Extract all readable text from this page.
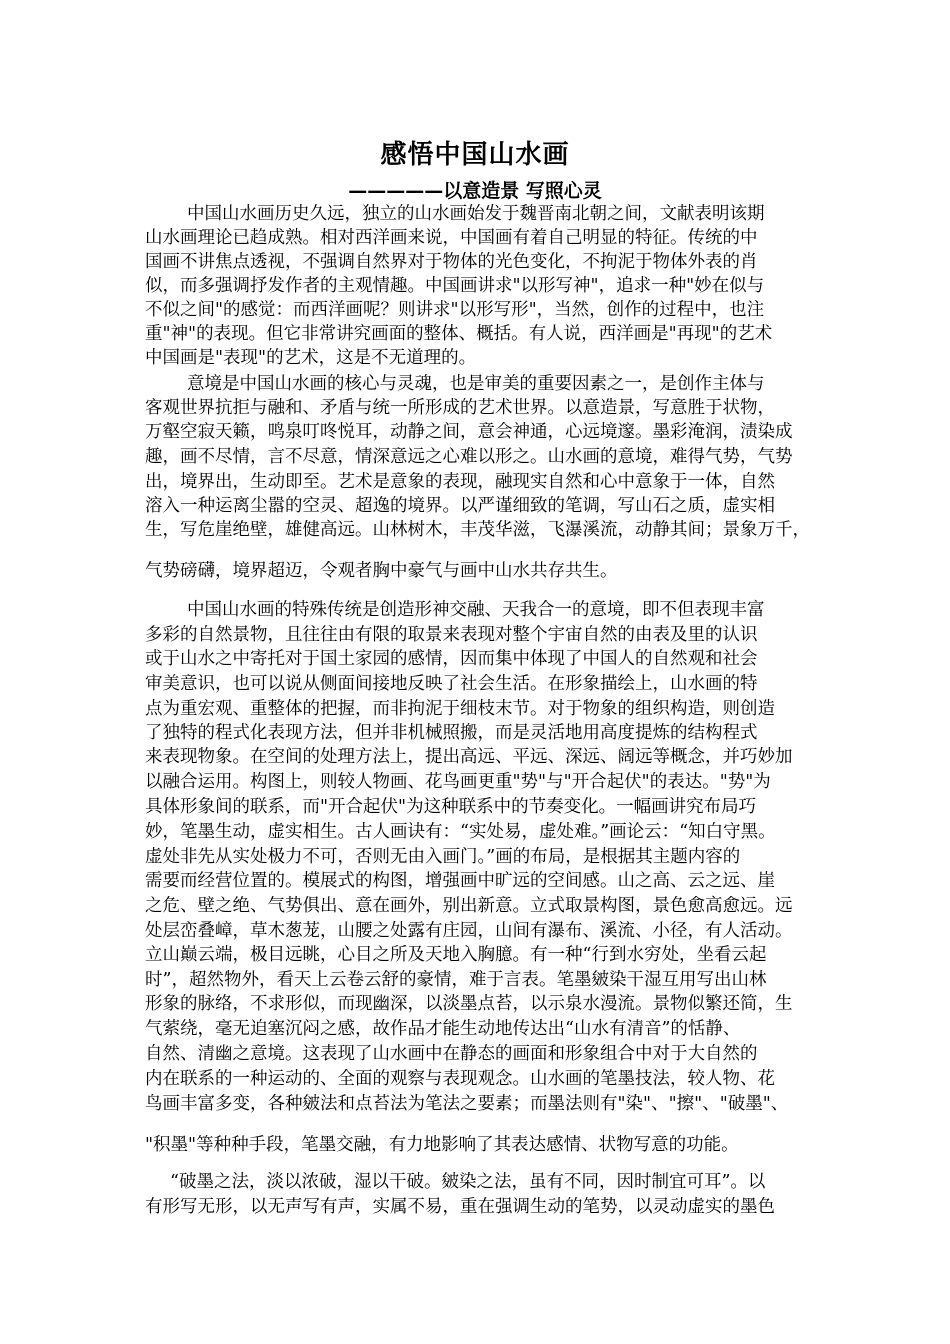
感悟中国山水画
—————以意造景 写照心灵

中国山水画历史久远，独立的山水画始发于魏晋南北朝之间，文献表明该期

山水画理论已趋成熟。相对西洋画来说，中国画有着自己明显的特征。传统的中

国画不讲焦点透视，不强调自然界对于物体的光色变化，不拘泥于物体外表的肖

似，而多强调抒发作者的主观情趣。中国画讲求"以形写神"，追求一种"妙在似与

不似之间"的感觉：而西洋画呢？则讲求"以形写形"，当然，创作的过程中，也注

重"神"的表现。但它非常讲究画面的整体、概括。有人说，西洋画是"再现"的艺术

中国画是"表现"的艺术，这是不无道理的。

意境是中国山水画的核心与灵魂，也是审美的重要因素之一，是创作主体与

客观世界抗拒与融和、矛盾与统一所形成的艺术世界。以意造景，写意胜于状物，

万壑空寂天籁，鸣泉叮咚悦耳，动静之间，意会神通，心远境邃。墨彩淹润，渍染成

趣，画不尽情，言不尽意，情深意远之心难以形之。山水画的意境，难得气势，气势

出，境界出，生动即至。艺术是意象的表现，融现实自然和心中意象于一体，自然

溶入一种运离尘嚣的空灵、超逸的境界。以严谨细致的笔调，写山石之质，虚实相

生，写危崖绝壁，雄健高远。山林树木，丰茂华滋，飞瀑溪流，动静其间；景象万千，

气势磅礴，境界超迈，令观者胸中豪气与画中山水共存共生。

中国山水画的特殊传统是创造形神交融、天我合一的意境，即不但表现丰富

多彩的自然景物，且往往由有限的取景来表现对整个宇宙自然的由表及里的认识

或于山水之中寄托对于国土家园的感情，因而集中体现了中国人的自然观和社会

审美意识，也可以说从侧面间接地反映了社会生活。在形象描绘上，山水画的特

点为重宏观、重整体的把握，而非拘泥于细枝末节。对于物象的组织构造，则创造

了独特的程式化表现方法，但并非机械照搬，而是灵活地用高度提炼的结构程式

来表现物象。在空间的处理方法上，提出高远、平远、深远、阔远等概念，并巧妙加

以融合运用。构图上，则较人物画、花鸟画更重"势"与"开合起伏"的表达。"势"为

具体形象间的联系，而"开合起伏"为这种联系中的节奏变化。一幅画讲究布局巧

妙，笔墨生动，虚实相生。古人画诀有：“实处易，虚处难。”画论云：“知白守黑。

虚处非先从实处极力不可，否则无由入画门。”画的布局，是根据其主题内容的

需要而经营位置的。模展式的构图，增强画中旷远的空间感。山之高、云之远、崖

之危、壁之绝、气势俱出、意在画外，别出新意。立式取景构图，景色愈高愈远。远

处层峦叠嶂，草木葱茏，山腰之处露有庄园，山间有瀑布、溪流、小径，有人活动。

立山巅云端，极目远眺，心目之所及天地入胸臆。有一种“行到水穷处，坐看云起

时”，超然物外，看天上云卷云舒的豪情，难于言表。笔墨皴染干湿互用写出山林

形象的脉络，不求形似，而现幽深，以淡墨点苔，以示泉水漫流。景物似繁还简，生

气萦绕，毫无迫塞沉闷之感，故作品才能生动地传达出“山水有清音”的恬静、

自然、清幽之意境。这表现了山水画中在静态的画面和形象组合中对于大自然的

内在联系的一种运动的、全面的观察与表现观念。山水画的笔墨技法，较人物、花

鸟画丰富多变，各种皴法和点苔法为笔法之要素；而墨法则有"染"、"擦"、"破墨"、

"积墨"等种种手段，笔墨交融，有力地影响了其表达感情、状物写意的功能。

“破墨之法，淡以浓破，湿以干破。皴染之法，虽有不同，因时制宜可耳”。以

有形写无形，以无声写有声，实属不易，重在强调生动的笔势，以灵动虚实的墨色
